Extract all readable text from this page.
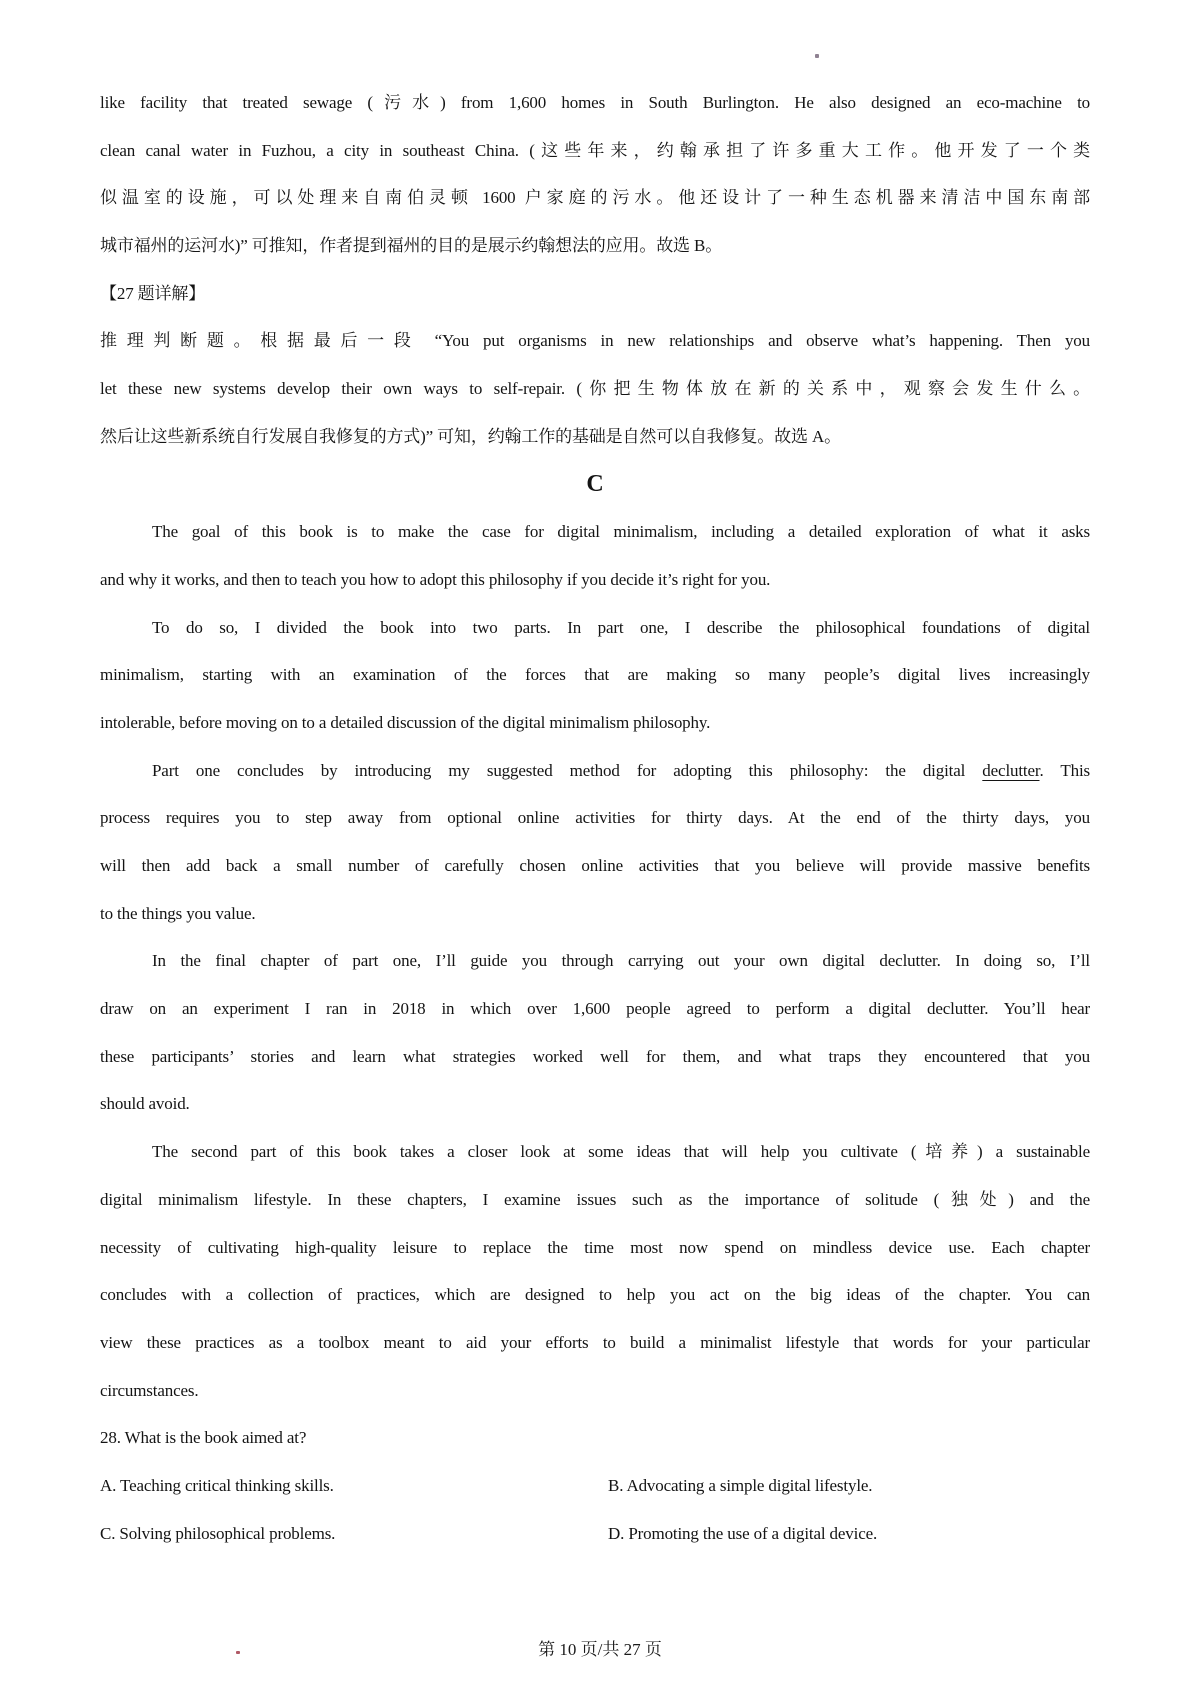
like facility that treated sewage (污水) from 1,600 homes in South Burlington. He also designed an eco-machine to
clean canal water in Fuzhou, a city in southeast China. (这些年来，约翰承担了许多重大工作。他开发了一个类
似温室的设施，可以处理来自南伯灵顿 1600 户家庭的污水。他还设计了一种生态机器来清洁中国东南部
城市福州的运河水)” 可推知，作者提到福州的目的是展示约翰想法的应用。故选 B。
【27 题详解】
推理判断题。根据最后一段 “You put organisms in new relationships and observe what’s happening. Then you
let these new systems develop their own ways to self-repair. (你把生物体放在新的关系中，观察会发生什么。
然后让这些新系统自行发展自我修复的方式)” 可知，约翰工作的基础是自然可以自我修复。故选 A。
C
The goal of this book is to make the case for digital minimalism, including a detailed exploration of what it asks
and why it works, and then to teach you how to adopt this philosophy if you decide it’s right for you.
To do so, I divided the book into two parts. In part one, I describe the philosophical foundations of digital
minimalism, starting with an examination of the forces that are making so many people’s digital lives increasingly
intolerable, before moving on to a detailed discussion of the digital minimalism philosophy.
Part one concludes by introducing my suggested method for adopting this philosophy: the digital declutter. This
process requires you to step away from optional online activities for thirty days. At the end of the thirty days, you
will then add back a small number of carefully chosen online activities that you believe will provide massive benefits
to the things you value.
In the final chapter of part one, I’ll guide you through carrying out your own digital declutter. In doing so, I’ll
draw on an experiment I ran in 2018 in which over 1,600 people agreed to perform a digital declutter. You’ll hear
these participants’ stories and learn what strategies worked well for them, and what traps they encountered that you
should avoid.
The second part of this book takes a closer look at some ideas that will help you cultivate (培养) a sustainable
digital minimalism lifestyle. In these chapters, I examine issues such as the importance of solitude (独处) and the
necessity of cultivating high-quality leisure to replace the time most now spend on mindless device use. Each chapter
concludes with a collection of practices, which are designed to help you act on the big ideas of the chapter. You can
view these practices as a toolbox meant to aid your efforts to build a minimalist lifestyle that words for your particular
circumstances.
28. What is the book aimed at?
A. Teaching critical thinking skills.	B. Advocating a simple digital lifestyle.
C. Solving philosophical problems.	D. Promoting the use of a digital device.
第 10 页/共 27 页
